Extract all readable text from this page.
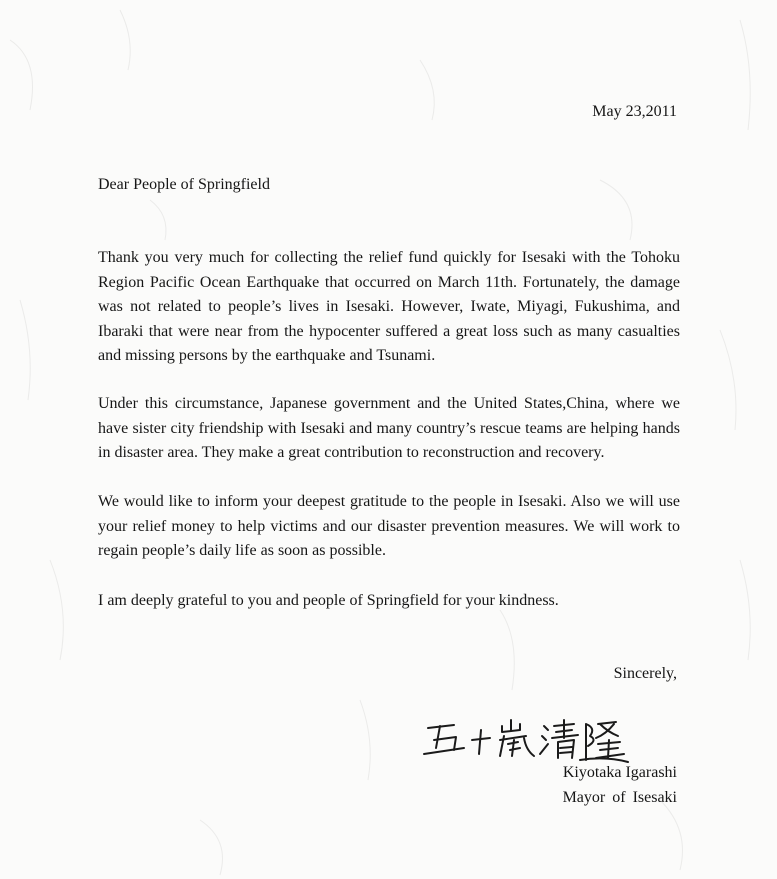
May 23,2011
Dear People of Springfield

Thank you very much for collecting the relief fund quickly for Isesaki with the Tohoku Region Pacific Ocean Earthquake that occurred on March 11th. Fortunately, the damage was not related to people’s lives in Isesaki. However, Iwate, Miyagi, Fukushima, and Ibaraki that were near from the hypocenter suffered a great loss such as many casualties and missing persons by the earthquake and Tsunami.

Under this circumstance, Japanese government and the United States,China, where we have sister city friendship with Isesaki and many country’s rescue teams are helping hands in disaster area. They make a great contribution to reconstruction and recovery.

We would like to inform your deepest gratitude to the people in Isesaki. Also we will use your relief money to help victims and our disaster prevention measures. We will work to regain people’s daily life as soon as possible.

I am deeply grateful to you and people of Springfield for your kindness.

Sincerely,
Kiyotaka Igarashi
Mayor of Isesaki
